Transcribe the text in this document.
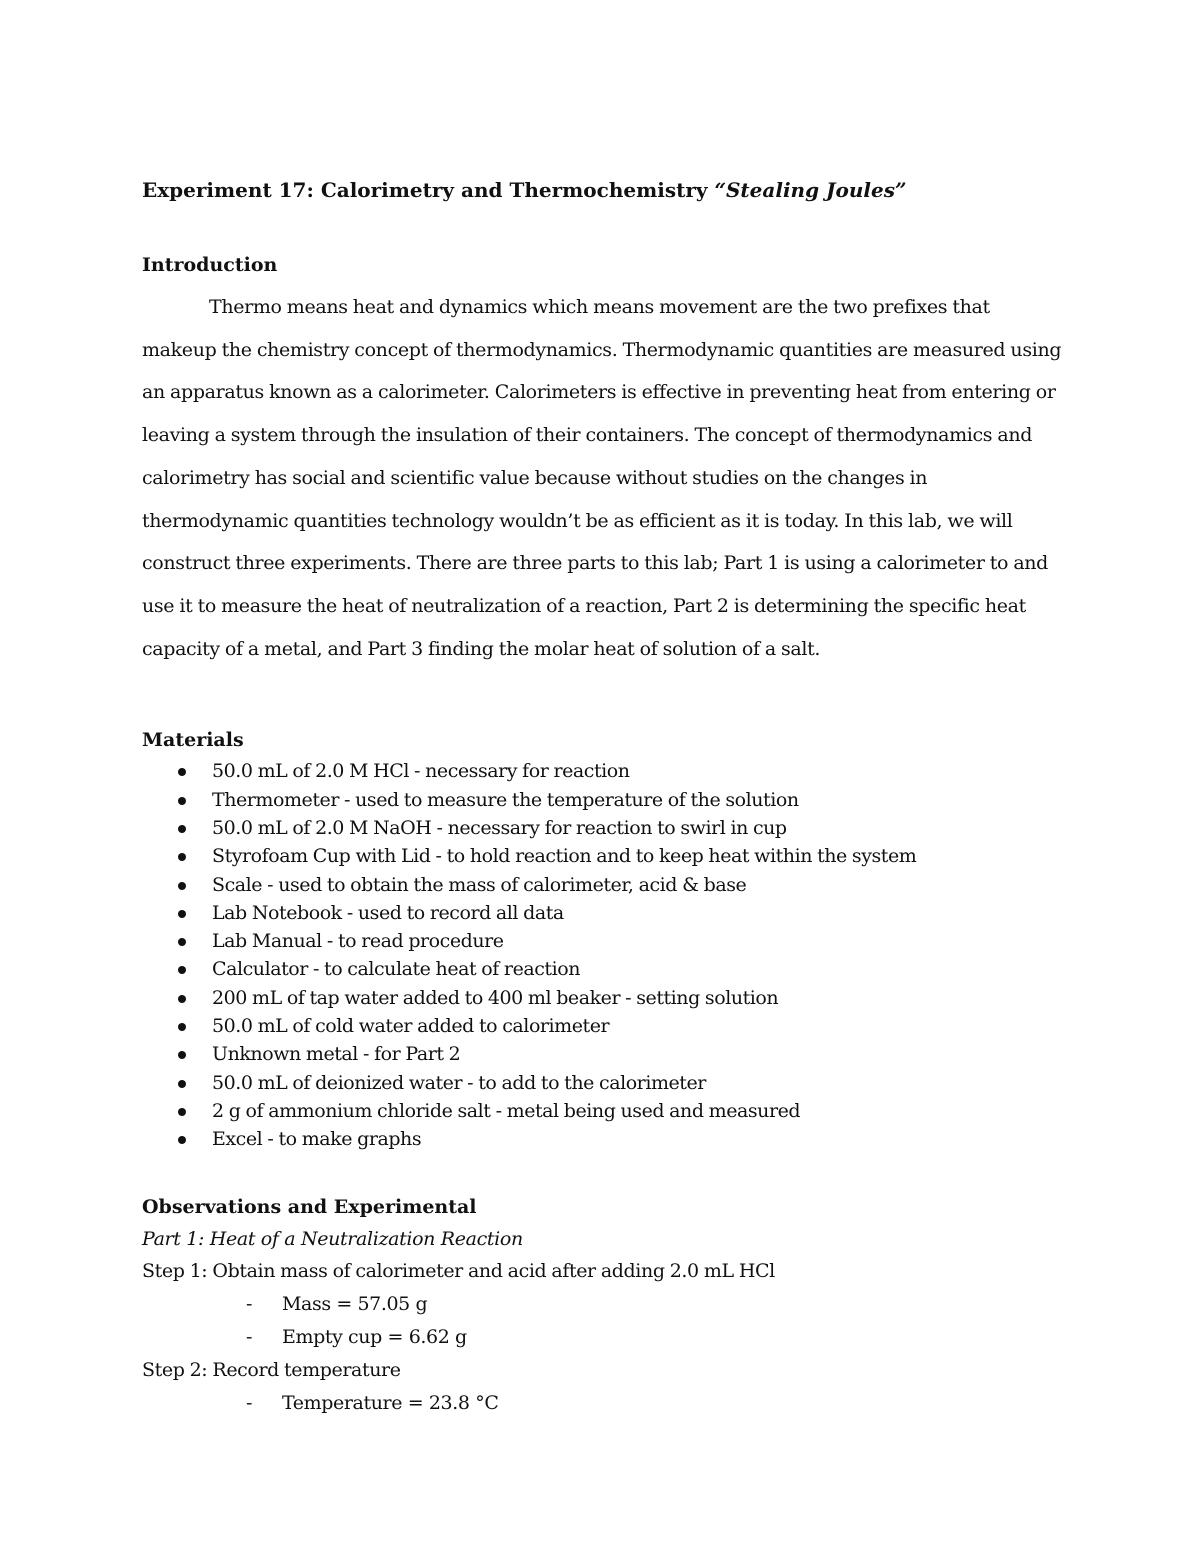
Experiment 17: Calorimetry and Thermochemistry “Stealing Joules”

Introduction

Thermo means heat and dynamics which means movement are the two prefixes that makeup the chemistry concept of thermodynamics. Thermodynamic quantities are measured using an apparatus known as a calorimeter. Calorimeters is effective in preventing heat from entering or leaving a system through the insulation of their containers. The concept of thermodynamics and calorimetry has social and scientific value because without studies on the changes in thermodynamic quantities technology wouldn’t be as efficient as it is today. In this lab, we will construct three experiments. There are three parts to this lab; Part 1 is using a calorimeter to and use it to measure the heat of neutralization of a reaction, Part 2 is determining the specific heat capacity of a metal, and Part 3 finding the molar heat of solution of a salt.

Materials
50.0 mL of 2.0 M HCl - necessary for reaction
Thermometer - used to measure the temperature of the solution
50.0 mL of 2.0 M NaOH - necessary for reaction to swirl in cup
Styrofoam Cup with Lid - to hold reaction and to keep heat within the system
Scale - used to obtain the mass of calorimeter, acid & base
Lab Notebook - used to record all data
Lab Manual - to read procedure
Calculator - to calculate heat of reaction
200 mL of tap water added to 400 ml beaker - setting solution
50.0 mL of cold water added to calorimeter
Unknown metal - for Part 2
50.0 mL of deionized water - to add to the calorimeter
2 g of ammonium chloride salt - metal being used and measured
Excel - to make graphs
Observations and Experimental

Part 1: Heat of a Neutralization Reaction

Step 1: Obtain mass of calorimeter and acid after adding 2.0 mL HCl

- Mass = 57.05 g

- Empty cup = 6.62 g

Step 2: Record temperature

- Temperature = 23.8 °C
